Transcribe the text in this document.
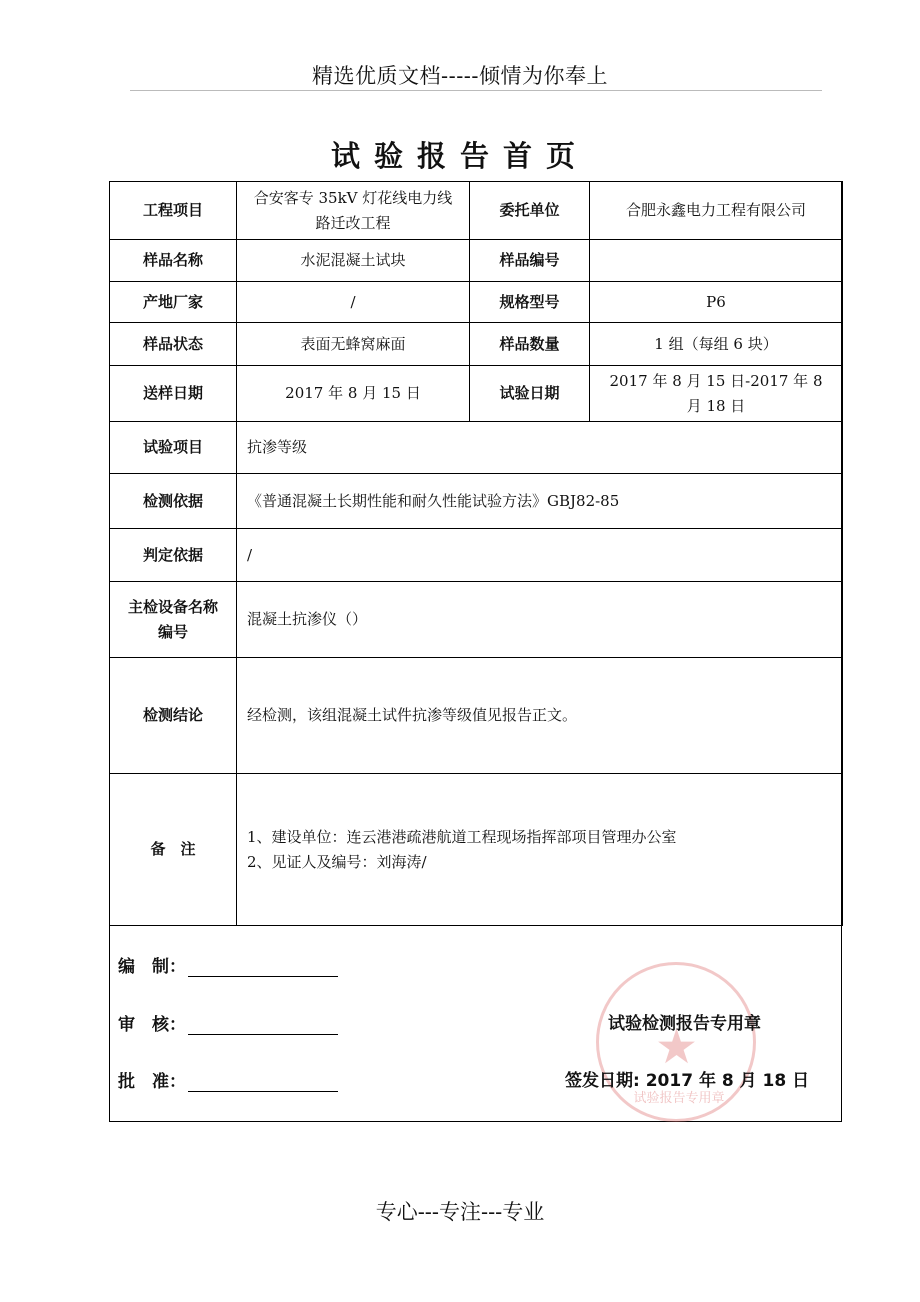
精选优质文档-----倾情为你奉上
试验报告首页
工程项目	合安客专 35kV 灯花线电力线路迁改工程	委托单位	合肥永鑫电力工程有限公司
样品名称	水泥混凝土试块	样品编号	
产地厂家	/	规格型号	P6
样品状态	表面无蜂窝麻面	样品数量	1 组（每组 6 块）
送样日期	2017 年 8 月 15 日	试验日期	2017 年 8 月 15 日-2017 年 8 月 18 日
试验项目	抗渗等级		
检测依据	《普通混凝土长期性能和耐久性能试验方法》GBJ82-85		
判定依据	/		
主检设备名称编号	混凝土抗渗仪（）		
检测结论	经检测，该组混凝土试件抗渗等级值见报告正文。		
备　注	1、建设单位：连云港港疏港航道工程现场指挥部项目管理办公室
2、见证人及编号：刘海涛/		
编　制：
审　核：
批　准：
★
试验报告专用章
试验检测报告专用章
签发日期: 2017 年 8 月 18 日
专心---专注---专业
